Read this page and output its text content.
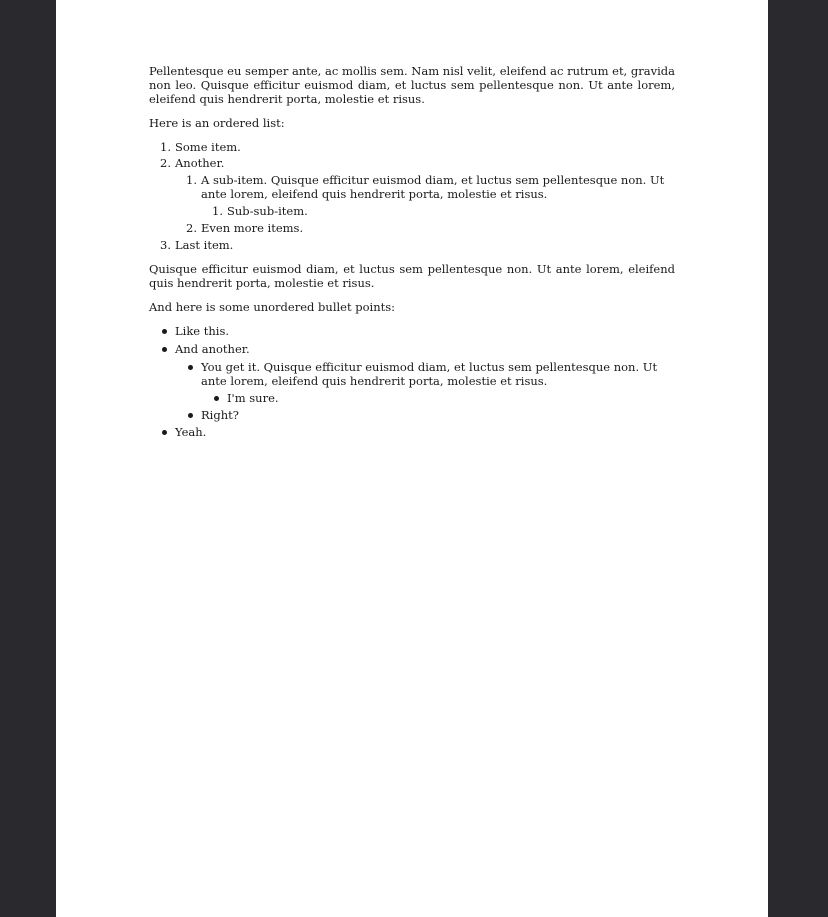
Pellentesque eu semper ante, ac mollis sem. Nam nisl velit, eleifend ac rutrum et, gravida non leo. Quisque efficitur euismod diam, et luctus sem pellentesque non. Ut ante lorem, eleifend quis hendrerit porta, molestie et risus.

Here is an ordered list:

1. Some item.
2. Another.
1. A sub-item. Quisque efficitur euismod diam, et luctus sem pellentesque non. Ut ante lorem, eleifend quis hendrerit porta, molestie et risus.
1. Sub-sub-item.
2. Even more items.
3. Last item.

Quisque efficitur euismod diam, et luctus sem pellentesque non. Ut ante lorem, eleifend quis hendrerit porta, molestie et risus.

And here is some unordered bullet points:

Like this.
And another.
You get it. Quisque efficitur euismod diam, et luctus sem pellentesque non. Ut ante lorem, eleifend quis hendrerit porta, molestie et risus.
I'm sure.
Right?
Yeah.
